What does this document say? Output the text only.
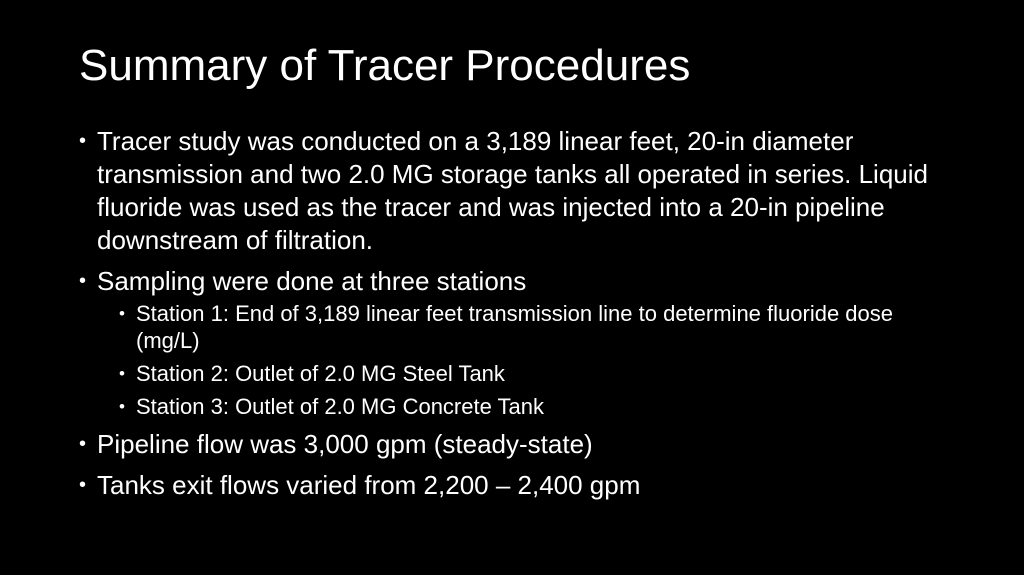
Summary of Tracer Procedures
• Tracer study was conducted on a 3,189 linear feet, 20-in diameter transmission and two 2.0 MG storage tanks all operated in series. Liquid fluoride was used as the tracer and was injected into a 20-in pipeline downstream of filtration.
• Sampling were done at three stations
• Station 1: End of 3,189 linear feet transmission line to determine fluoride dose (mg/L)
• Station 2: Outlet of 2.0 MG Steel Tank
• Station 3: Outlet of 2.0 MG Concrete Tank
• Pipeline flow was 3,000 gpm (steady-state)
• Tanks exit flows varied from 2,200 – 2,400 gpm
